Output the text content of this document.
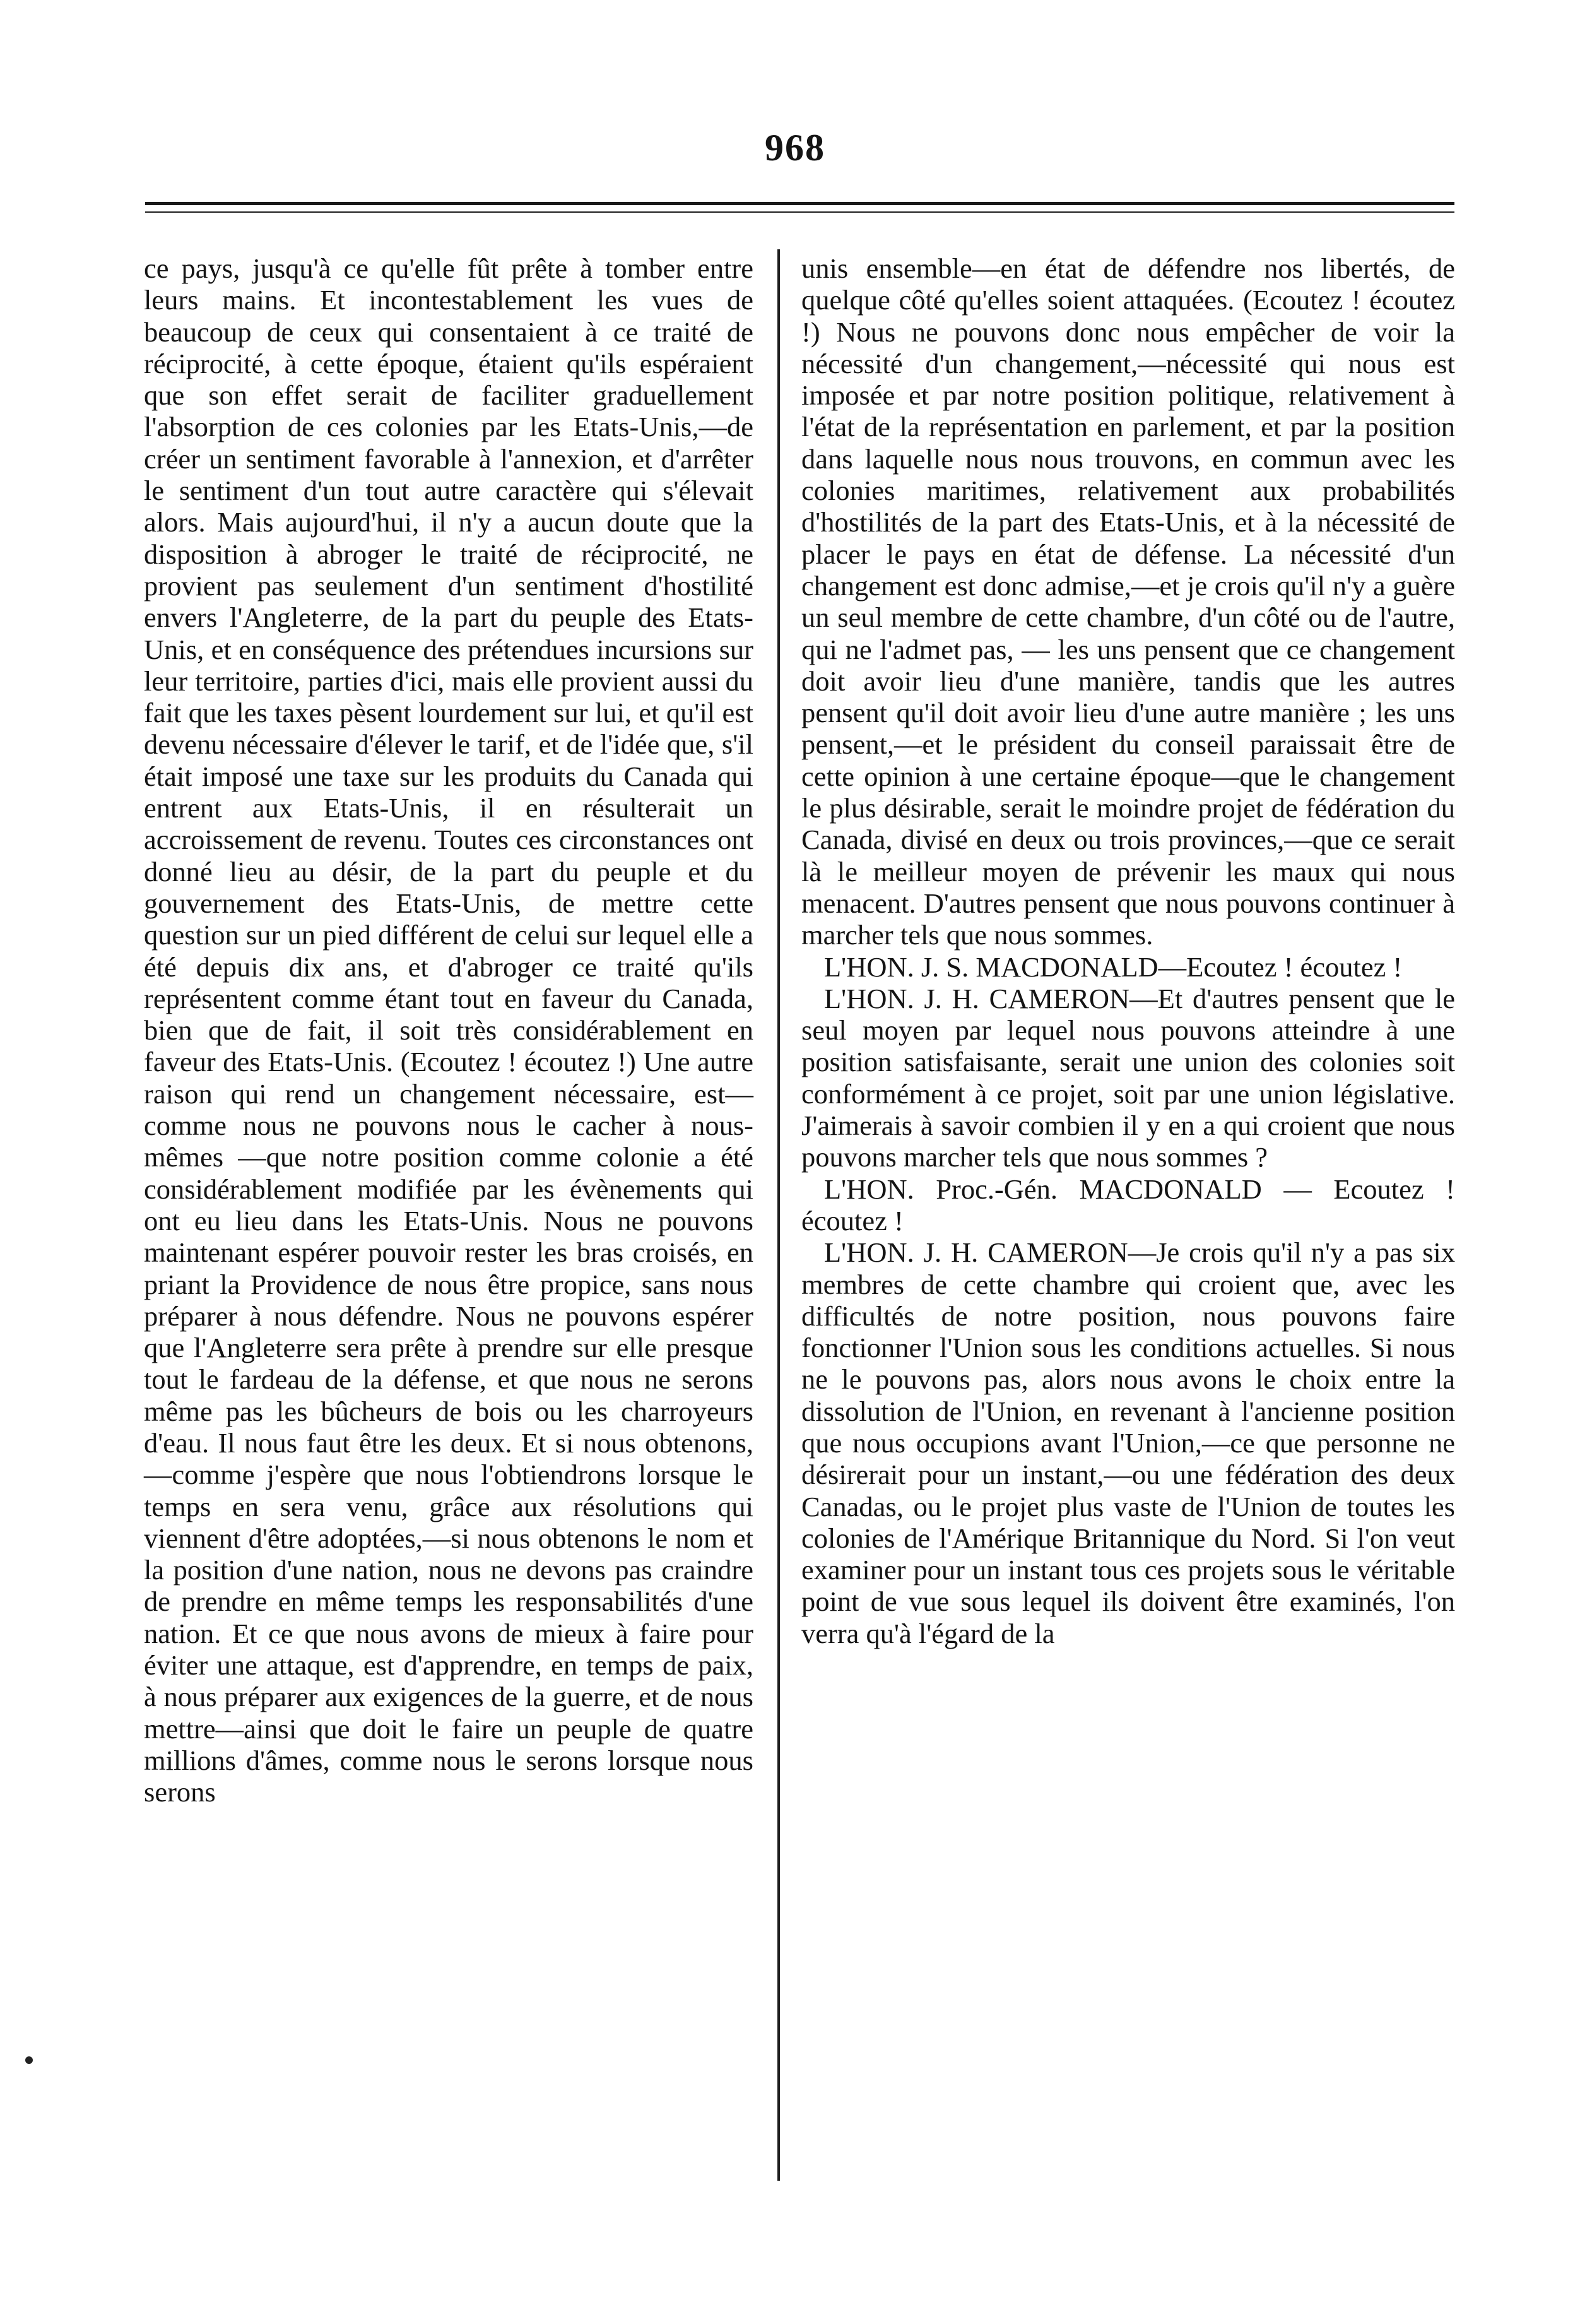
968

ce pays, jusqu'à ce qu'elle fût prête à tomber entre leurs mains. Et incontestablement les vues de beaucoup de ceux qui consentaient à ce traité de réciprocité, à cette époque, étaient qu'ils espéraient que son effet serait de faciliter graduellement l'absorption de ces colonies par les Etats-Unis,—de créer un sentiment favorable à l'annexion, et d'arrêter le sentiment d'un tout autre caractère qui s'élevait alors. Mais aujourd'hui, il n'y a aucun doute que la disposition à abroger le traité de réciprocité, ne provient pas seulement d'un sentiment d'hostilité envers l'Angleterre, de la part du peuple des Etats-Unis, et en conséquence des prétendues incursions sur leur territoire, parties d'ici, mais elle provient aussi du fait que les taxes pèsent lourdement sur lui, et qu'il est devenu nécessaire d'élever le tarif, et de l'idée que, s'il était imposé une taxe sur les produits du Canada qui entrent aux Etats-Unis, il en résulterait un accroissement de revenu. Toutes ces circonstances ont donné lieu au désir, de la part du peuple et du gouvernement des Etats-Unis, de mettre cette question sur un pied différent de celui sur lequel elle a été depuis dix ans, et d'abroger ce traité qu'ils représentent comme étant tout en faveur du Canada, bien que de fait, il soit très considérablement en faveur des Etats-Unis. (Ecoutez ! écoutez !) Une autre raison qui rend un changement nécessaire, est—comme nous ne pouvons nous le cacher à nous-mêmes —que notre position comme colonie a été considérablement modifiée par les évènements qui ont eu lieu dans les Etats-Unis. Nous ne pouvons maintenant espérer pouvoir rester les bras croisés, en priant la Providence de nous être propice, sans nous préparer à nous défendre. Nous ne pouvons espérer que l'Angleterre sera prête à prendre sur elle presque tout le fardeau de la défense, et que nous ne serons même pas les bûcheurs de bois ou les charroyeurs d'eau. Il nous faut être les deux. Et si nous obtenons,—comme j'espère que nous l'obtiendrons lorsque le temps en sera venu, grâce aux résolutions qui viennent d'être adoptées,—si nous obtenons le nom et la position d'une nation, nous ne devons pas craindre de prendre en même temps les responsabilités d'une nation. Et ce que nous avons de mieux à faire pour éviter une attaque, est d'apprendre, en temps de paix, à nous préparer aux exigences de la guerre, et de nous mettre—ainsi que doit le faire un peuple de quatre millions d'âmes, comme nous le serons lorsque nous serons

unis ensemble—en état de défendre nos libertés, de quelque côté qu'elles soient attaquées. (Ecoutez ! écoutez !) Nous ne pouvons donc nous empêcher de voir la nécessité d'un changement,—nécessité qui nous est imposée et par notre position politique, relativement à l'état de la représentation en parlement, et par la position dans laquelle nous nous trouvons, en commun avec les colonies maritimes, relativement aux probabilités d'hostilités de la part des Etats-Unis, et à la nécessité de placer le pays en état de défense. La nécessité d'un changement est donc admise,—et je crois qu'il n'y a guère un seul membre de cette chambre, d'un côté ou de l'autre, qui ne l'admet pas, — les uns pensent que ce changement doit avoir lieu d'une manière, tandis que les autres pensent qu'il doit avoir lieu d'une autre manière ; les uns pensent,—et le président du conseil paraissait être de cette opinion à une certaine époque—que le changement le plus désirable, serait le moindre projet de fédération du Canada, divisé en deux ou trois provinces,—que ce serait là le meilleur moyen de prévenir les maux qui nous menacent. D'autres pensent que nous pouvons continuer à marcher tels que nous sommes.

L'HON. J. S. MACDONALD—Ecoutez ! écoutez !

L'HON. J. H. CAMERON—Et d'autres pensent que le seul moyen par lequel nous pouvons atteindre à une position satisfaisante, serait une union des colonies soit conformément à ce projet, soit par une union législative. J'aimerais à savoir combien il y en a qui croient que nous pouvons marcher tels que nous sommes ?

L'HON. Proc.-Gén. MACDONALD — Ecoutez ! écoutez !

L'HON. J. H. CAMERON—Je crois qu'il n'y a pas six membres de cette chambre qui croient que, avec les difficultés de notre position, nous pouvons faire fonctionner l'Union sous les conditions actuelles. Si nous ne le pouvons pas, alors nous avons le choix entre la dissolution de l'Union, en revenant à l'ancienne position que nous occupions avant l'Union,—ce que personne ne désirerait pour un instant,—ou une fédération des deux Canadas, ou le projet plus vaste de l'Union de toutes les colonies de l'Amérique Britannique du Nord. Si l'on veut examiner pour un instant tous ces projets sous le véritable point de vue sous lequel ils doivent être examinés, l'on verra qu'à l'égard de la
